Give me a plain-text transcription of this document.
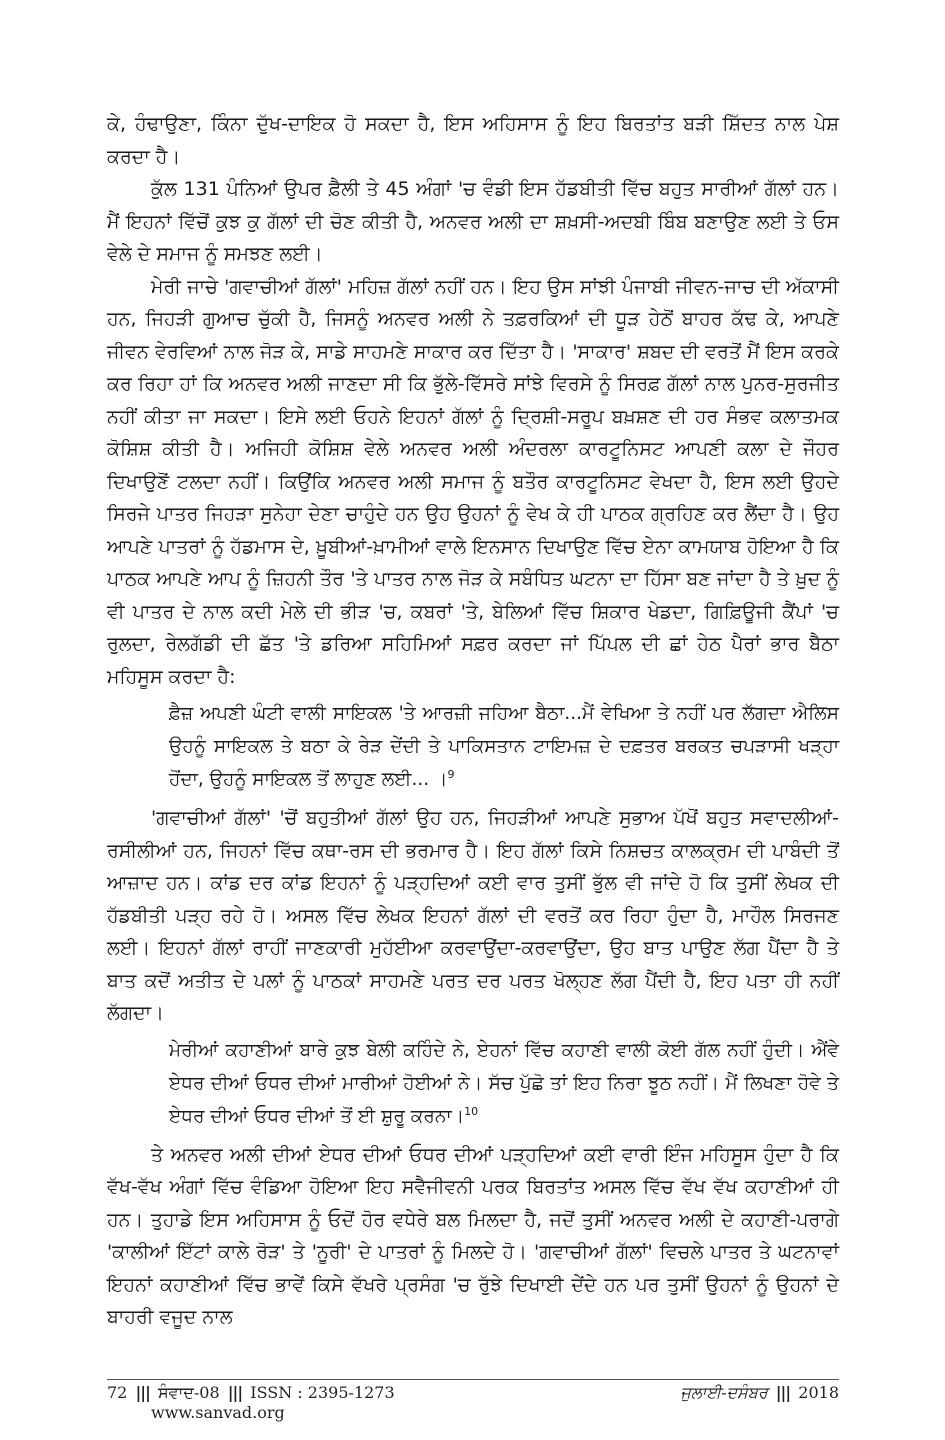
ਕੇ, ਹੰਢਾਉਣਾ, ਕਿੰਨਾ ਦੁੱਖ-ਦਾਇਕ ਹੋ ਸਕਦਾ ਹੈ, ਇਸ ਅਹਿਸਾਸ ਨੂੰ ਇਹ ਬਿਰਤਾਂਤ ਬੜੀ ਸ਼ਿੱਦਤ ਨਾਲ ਪੇਸ਼ ਕਰਦਾ ਹੈ।

ਕੁੱਲ 131 ਪੰਨਿਆਂ ਉਪਰ ਫ਼ੈਲੀ ਤੇ 45 ਅੰਗਾਂ 'ਚ ਵੰਡੀ ਇਸ ਹੱਡਬੀਤੀ ਵਿੱਚ ਬਹੁਤ ਸਾਰੀਆਂ ਗੱਲਾਂ ਹਨ। ਮੈਂ ਇਹਨਾਂ ਵਿੱਚੋਂ ਕੁਝ ਕੁ ਗੱਲਾਂ ਦੀ ਚੋਣ ਕੀਤੀ ਹੈ, ਅਨਵਰ ਅਲੀ ਦਾ ਸ਼ਖ਼ਸੀ-ਅਦਬੀ ਬਿੰਬ ਬਣਾਉਣ ਲਈ ਤੇ ਓਸ ਵੇਲੇ ਦੇ ਸਮਾਜ ਨੂੰ ਸਮਝਣ ਲਈ।

ਮੇਰੀ ਜਾਚੇ 'ਗਵਾਚੀਆਂ ਗੱਲਾਂ' ਮਹਿਜ਼ ਗੱਲਾਂ ਨਹੀਂ ਹਨ। ਇਹ ਉਸ ਸਾਂਝੀ ਪੰਜਾਬੀ ਜੀਵਨ-ਜਾਚ ਦੀ ਅੱਕਾਸੀ ਹਨ, ਜਿਹੜੀ ਗੁਆਚ ਚੁੱਕੀ ਹੈ, ਜਿਸਨੂੰ ਅਨਵਰ ਅਲੀ ਨੇ ਤਫ਼ਰਕਿਆਂ ਦੀ ਧੂੜ ਹੇਠੋਂ ਬਾਹਰ ਕੱਢ ਕੇ, ਆਪਣੇ ਜੀਵਨ ਵੇਰਵਿਆਂ ਨਾਲ ਜੋੜ ਕੇ, ਸਾਡੇ ਸਾਹਮਣੇ ਸਾਕਾਰ ਕਰ ਦਿੱਤਾ ਹੈ। 'ਸਾਕਾਰ' ਸ਼ਬਦ ਦੀ ਵਰਤੋਂ ਮੈਂ ਇਸ ਕਰਕੇ ਕਰ ਰਿਹਾ ਹਾਂ ਕਿ ਅਨਵਰ ਅਲੀ ਜਾਣਦਾ ਸੀ ਕਿ ਭੁੱਲੇ-ਵਿੱਸਰੇ ਸਾਂਝੇ ਵਿਰਸੇ ਨੂੰ ਸਿਰਫ਼ ਗੱਲਾਂ ਨਾਲ ਪੁਨਰ-ਸੁਰਜੀਤ ਨਹੀਂ ਕੀਤਾ ਜਾ ਸਕਦਾ। ਇਸੇ ਲਈ ਓਹਨੇ ਇਹਨਾਂ ਗੱਲਾਂ ਨੂੰ ਦ੍ਰਿਸ਼ੀ-ਸਰੂਪ ਬਖ਼ਸ਼ਣ ਦੀ ਹਰ ਸੰਭਵ ਕਲਾਤਮਕ ਕੋਸ਼ਿਸ਼ ਕੀਤੀ ਹੈ। ਅਜਿਹੀ ਕੋਸ਼ਿਸ਼ ਵੇਲੇ ਅਨਵਰ ਅਲੀ ਅੰਦਰਲਾ ਕਾਰਟੂਨਿਸਟ ਆਪਣੀ ਕਲਾ ਦੇ ਜੌਹਰ ਦਿਖਾਉਣੋਂ ਟਲਦਾ ਨਹੀਂ। ਕਿਉਂਕਿ ਅਨਵਰ ਅਲੀ ਸਮਾਜ ਨੂੰ ਬਤੌਰ ਕਾਰਟੂਨਿਸਟ ਵੇਖਦਾ ਹੈ, ਇਸ ਲਈ ਉਹਦੇ ਸਿਰਜੇ ਪਾਤਰ ਜਿਹੜਾ ਸੁਨੇਹਾ ਦੇਣਾ ਚਾਹੁੰਦੇ ਹਨ ਉਹ ਉਹਨਾਂ ਨੂੰ ਵੇਖ ਕੇ ਹੀ ਪਾਠਕ ਗ੍ਰਹਿਣ ਕਰ ਲੈਂਦਾ ਹੈ। ਉਹ ਆਪਣੇ ਪਾਤਰਾਂ ਨੂੰ ਹੱਡਮਾਸ ਦੇ, ਖ਼ੂਬੀਆਂ-ਖ਼ਾਮੀਆਂ ਵਾਲੇ ਇਨਸਾਨ ਦਿਖਾਉਣ ਵਿੱਚ ਏਨਾ ਕਾਮਯਾਬ ਹੋਇਆ ਹੈ ਕਿ ਪਾਠਕ ਆਪਣੇ ਆਪ ਨੂੰ ਜ਼ਿਹਨੀ ਤੌਰ 'ਤੇ ਪਾਤਰ ਨਾਲ ਜੋੜ ਕੇ ਸਬੰਧਿਤ ਘਟਨਾ ਦਾ ਹਿੱਸਾ ਬਣ ਜਾਂਦਾ ਹੈ ਤੇ ਖ਼ੁਦ ਨੂੰ ਵੀ ਪਾਤਰ ਦੇ ਨਾਲ ਕਦੀ ਮੇਲੇ ਦੀ ਭੀੜ 'ਚ, ਕਬਰਾਂ 'ਤੇ, ਬੇਲਿਆਂ ਵਿੱਚ ਸ਼ਿਕਾਰ ਖੇਡਦਾ, ਗਿਫ਼ਿਊਜੀ ਕੈਂਪਾਂ 'ਚ ਰੁਲਦਾ, ਰੇਲਗੱਡੀ ਦੀ ਛੱਤ 'ਤੇ ਡਰਿਆ ਸਹਿਮਿਆਂ ਸਫ਼ਰ ਕਰਦਾ ਜਾਂ ਪਿੱਪਲ ਦੀ ਛਾਂ ਹੇਠ ਪੈਰਾਂ ਭਾਰ ਬੈਠਾ ਮਹਿਸੂਸ ਕਰਦਾ ਹੈ:

ਫ਼ੈਜ਼ ਅਪਣੀ ਘੰਟੀ ਵਾਲੀ ਸਾਇਕਲ 'ਤੇ ਆਰਜ਼ੀ ਜਹਿਆ ਬੈਠਾ...ਮੈਂ ਵੇਖਿਆ ਤੇ ਨਹੀਂ ਪਰ ਲੱਗਦਾ ਐਲਿਸ ਉਹਨੂੰ ਸਾਇਕਲ ਤੇ ਬਠਾ ਕੇ ਰੇੜ ਦੇਂਦੀ ਤੇ ਪਾਕਿਸਤਾਨ ਟਾਇਮਜ਼ ਦੇ ਦਫ਼ਤਰ ਬਰਕਤ ਚਪੜਾਸੀ ਖੜ੍ਹਾ ਹੋਂਦਾ, ਉਹਨੂੰ ਸਾਇਕਲ ਤੋਂ ਲਾਹੁਣ ਲਈ... ।$^9$

'ਗਵਾਚੀਆਂ ਗੱਲਾਂ' 'ਚੋਂ ਬਹੁਤੀਆਂ ਗੱਲਾਂ ਉਹ ਹਨ, ਜਿਹੜੀਆਂ ਆਪਣੇ ਸੁਭਾਅ ਪੱਖੋਂ ਬਹੁਤ ਸਵਾਦਲੀਆਂ-ਰਸੀਲੀਆਂ ਹਨ, ਜਿਹਨਾਂ ਵਿੱਚ ਕਥਾ-ਰਸ ਦੀ ਭਰਮਾਰ ਹੈ। ਇਹ ਗੱਲਾਂ ਕਿਸੇ ਨਿਸ਼ਚਤ ਕਾਲਕ੍ਰਮ ਦੀ ਪਾਬੰਦੀ ਤੋਂ ਆਜ਼ਾਦ ਹਨ। ਕਾਂਡ ਦਰ ਕਾਂਡ ਇਹਨਾਂ ਨੂੰ ਪੜ੍ਹਦਿਆਂ ਕਈ ਵਾਰ ਤੁਸੀਂ ਭੁੱਲ ਵੀ ਜਾਂਦੇ ਹੋ ਕਿ ਤੁਸੀਂ ਲੇਖਕ ਦੀ ਹੱਡਬੀਤੀ ਪੜ੍ਹ ਰਹੇ ਹੋ। ਅਸਲ ਵਿੱਚ ਲੇਖਕ ਇਹਨਾਂ ਗੱਲਾਂ ਦੀ ਵਰਤੋਂ ਕਰ ਰਿਹਾ ਹੁੰਦਾ ਹੈ, ਮਾਹੌਲ ਸਿਰਜਣ ਲਈ। ਇਹਨਾਂ ਗੱਲਾਂ ਰਾਹੀਂ ਜਾਣਕਾਰੀ ਮੁਹੱਈਆ ਕਰਵਾਉਂਦਾ-ਕਰਵਾਉਂਦਾ, ਉਹ ਬਾਤ ਪਾਉਣ ਲੱਗ ਪੈਂਦਾ ਹੈ ਤੇ ਬਾਤ ਕਦੋਂ ਅਤੀਤ ਦੇ ਪਲਾਂ ਨੂੰ ਪਾਠਕਾਂ ਸਾਹਮਣੇ ਪਰਤ ਦਰ ਪਰਤ ਖੋਲ੍ਹਣ ਲੱਗ ਪੈਂਦੀ ਹੈ, ਇਹ ਪਤਾ ਹੀ ਨਹੀਂ ਲੱਗਦਾ।

ਮੇਰੀਆਂ ਕਹਾਣੀਆਂ ਬਾਰੇ ਕੁਝ ਬੇਲੀ ਕਹਿੰਦੇ ਨੇ, ਏਹਨਾਂ ਵਿੱਚ ਕਹਾਣੀ ਵਾਲੀ ਕੋਈ ਗੱਲ ਨਹੀਂ ਹੁੰਦੀ। ਐਂਵੇ ਏਧਰ ਦੀਆਂ ਓਧਰ ਦੀਆਂ ਮਾਰੀਆਂ ਹੋਈਆਂ ਨੇ। ਸੱਚ ਪੁੱਛੋ ਤਾਂ ਇਹ ਨਿਰਾ ਝੂਠ ਨਹੀਂ। ਮੈਂ ਲਿਖਣਾ ਹੋਵੇ ਤੇ ਏਧਰ ਦੀਆਂ ਓਧਰ ਦੀਆਂ ਤੋਂ ਈ ਸ਼ੁਰੂ ਕਰਨਾ।$^{10}$

ਤੇ ਅਨਵਰ ਅਲੀ ਦੀਆਂ ਏਧਰ ਦੀਆਂ ਓਧਰ ਦੀਆਂ ਪੜ੍ਹਦਿਆਂ ਕਈ ਵਾਰੀ ਇੰਜ ਮਹਿਸੂਸ ਹੁੰਦਾ ਹੈ ਕਿ ਵੱਖ-ਵੱਖ ਅੰਗਾਂ ਵਿੱਚ ਵੰਡਿਆ ਹੋਇਆ ਇਹ ਸਵੈਜੀਵਨੀ ਪਰਕ ਬਿਰਤਾਂਤ ਅਸਲ ਵਿੱਚ ਵੱਖ ਵੱਖ ਕਹਾਣੀਆਂ ਹੀ ਹਨ। ਤੁਹਾਡੇ ਇਸ ਅਹਿਸਾਸ ਨੂੰ ਓਦੋਂ ਹੋਰ ਵਧੇਰੇ ਬਲ ਮਿਲਦਾ ਹੈ, ਜਦੋਂ ਤੁਸੀਂ ਅਨਵਰ ਅਲੀ ਦੇ ਕਹਾਣੀ-ਪਰਾਗੇ 'ਕਾਲੀਆਂ ਇੱਟਾਂ ਕਾਲੇ ਰੋੜ' ਤੇ 'ਨੂਰੀ' ਦੇ ਪਾਤਰਾਂ ਨੂੰ ਮਿਲਦੇ ਹੋ। 'ਗਵਾਚੀਆਂ ਗੱਲਾਂ' ਵਿਚਲੇ ਪਾਤਰ ਤੇ ਘਟਨਾਵਾਂ ਇਹਨਾਂ ਕਹਾਣੀਆਂ ਵਿੱਚ ਭਾਵੇਂ ਕਿਸੇ ਵੱਖਰੇ ਪ੍ਰਸੰਗ 'ਚ ਰੁੱਝੇ ਦਿਖਾਈ ਦੇਂਦੇ ਹਨ ਪਰ ਤੁਸੀਂ ਉਹਨਾਂ ਨੂੰ ਉਹਨਾਂ ਦੇ ਬਾਹਰੀ ਵਜੂਦ ਨਾਲ

72 ||| ਸੰਵਾਦ-08 ||| ISSN : 2395-1273
www.sanvad.org
ਜੁਲਾਈ-ਦਸੰਬਰ ||| 2018
